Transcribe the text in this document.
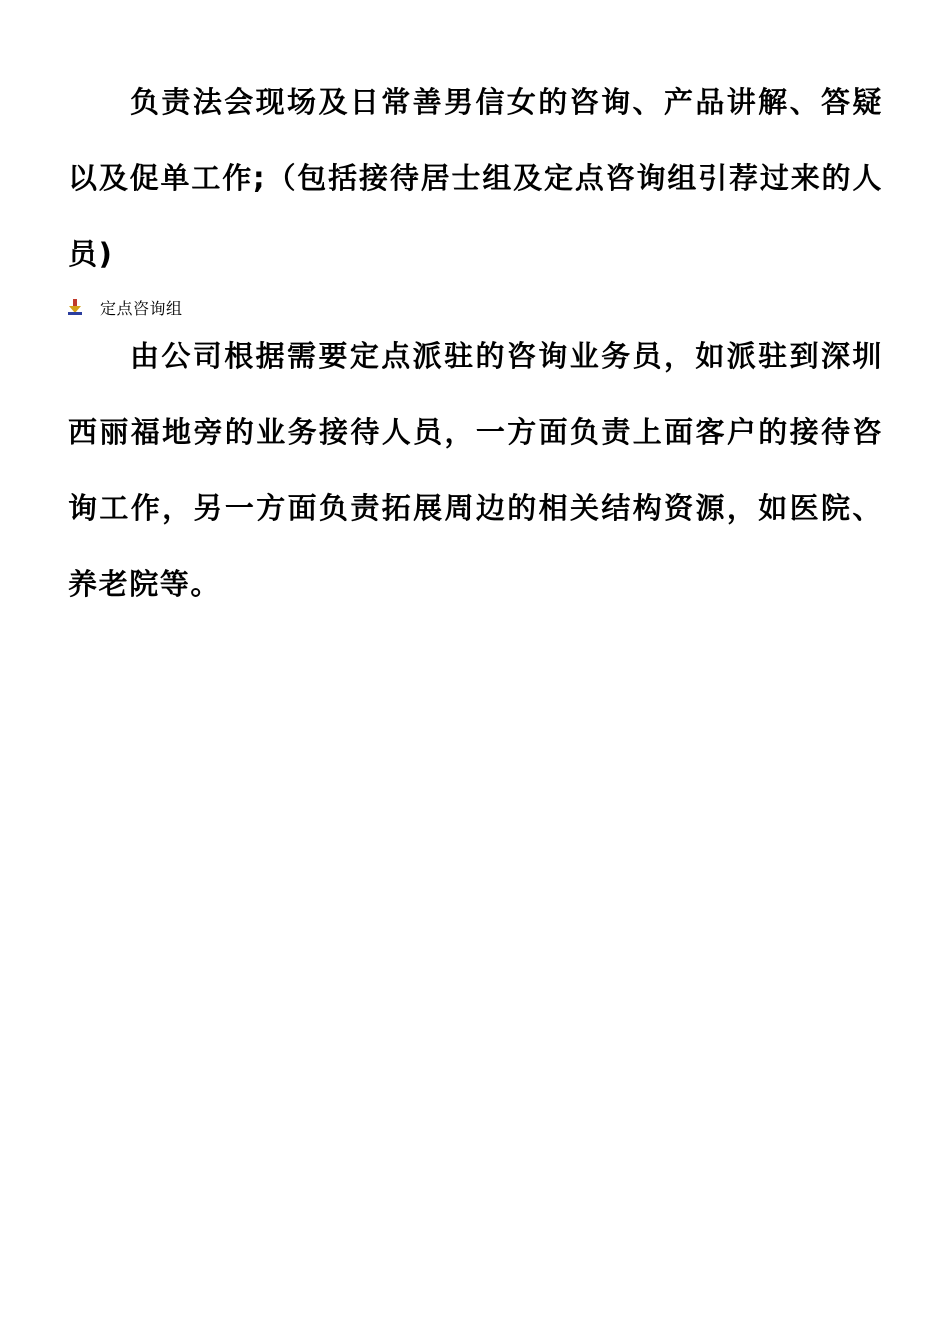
负责法会现场及日常善男信女的咨询、产品讲解、答疑以及促单工作;（包括接待居士组及定点咨询组引荐过来的人员)

定点咨询组

由公司根据需要定点派驻的咨询业务员，如派驻到深圳西丽福地旁的业务接待人员，一方面负责上面客户的接待咨询工作，另一方面负责拓展周边的相关结构资源，如医院、养老院等。
